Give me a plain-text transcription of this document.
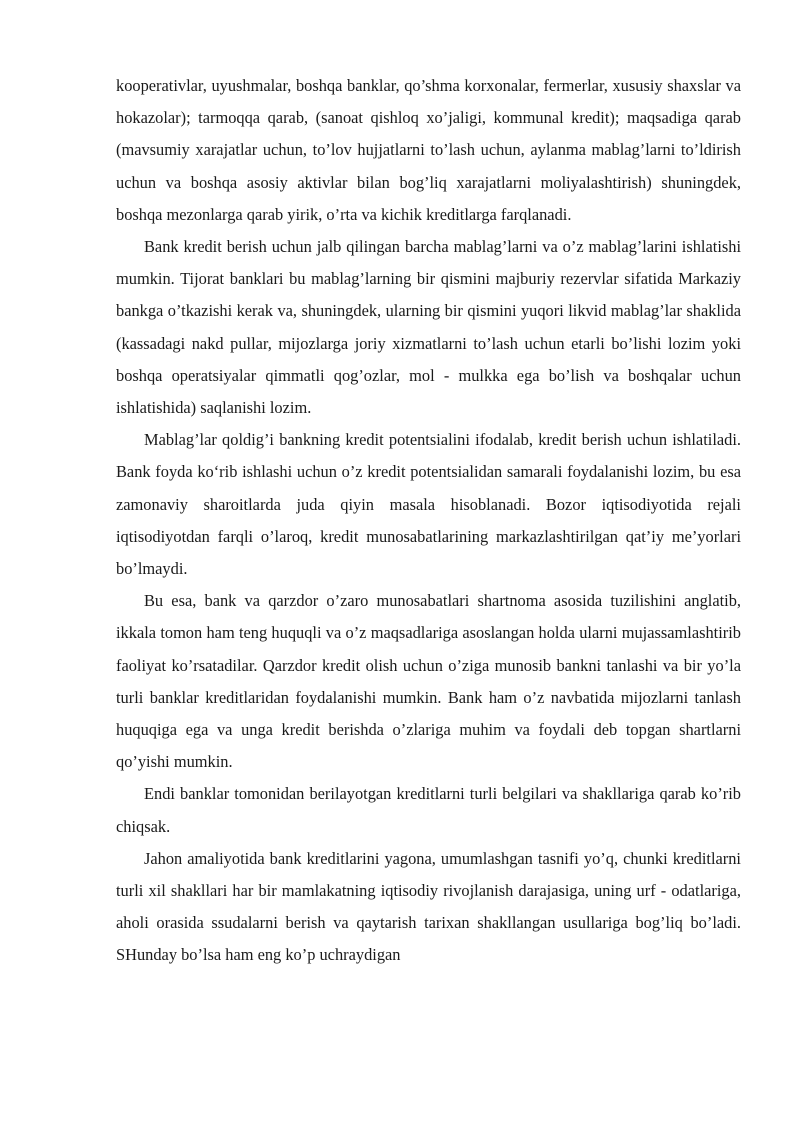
kooperativlar, uyushmalar, boshqa banklar, qo’shma korxonalar, fermerlar, xususiy shaxslar va hokazolar); tarmoqqa qarab, (sanoat qishloq xo’jaligi, kommunal kredit); maqsadiga qarab (mavsumiy xarajatlar uchun, to’lov hujjatlarni to’lash uchun, aylanma mablag’larni to’ldirish uchun va boshqa asosiy aktivlar bilan bog’liq xarajatlarni moliyalashtirish) shuningdek, boshqa mezonlarga qarab yirik, o’rta va kichik kreditlarga farqlanadi.

Bank kredit berish uchun jalb qilingan barcha mablag’larni va o’z mablag’larini ishlatishi mumkin. Tijorat banklari bu mablag’larning bir qismini majburiy rezervlar sifatida Markaziy bankga o’tkazishi kerak va, shuningdek, ularning bir qismini yuqori likvid mablag’lar shaklida (kassadagi nakd pullar, mijozlarga joriy xizmatlarni to’lash uchun etarli bo’lishi lozim yoki boshqa operatsiyalar qimmatli qog’ozlar, mol - mulkka ega bo’lish va boshqalar uchun ishlatishida) saqlanishi lozim.

Mablag’lar qoldig’i bankning kredit potentsialini ifodalab, kredit berish uchun ishlatiladi. Bank foyda ko‘rib ishlashi uchun o’z kredit potentsialidan samarali foydalanishi lozim, bu esa zamonaviy sharoitlarda juda qiyin masala hisoblanadi. Bozor iqtisodiyotida rejali iqtisodiyotdan farqli o’laroq, kredit munosabatlarining markazlashtirilgan qat’iy me’yorlari bo’lmaydi.

Bu esa, bank va qarzdor o’zaro munosabatlari shartnoma asosida tuzilishini anglatib, ikkala tomon ham teng huquqli va o’z maqsadlariga asoslangan holda ularni mujassamlashtirib faoliyat ko’rsatadilar. Qarzdor kredit olish uchun o’ziga munosib bankni tanlashi va bir yo’la turli banklar kreditlaridan foydalanishi mumkin. Bank ham o’z navbatida mijozlarni tanlash huquqiga ega va unga kredit berishda o’zlariga muhim va foydali deb topgan shartlarni qo’yishi mumkin.

Endi banklar tomonidan berilayotgan kreditlarni turli belgilari va shakllariga qarab ko’rib chiqsak.

Jahon amaliyotida bank kreditlarini yagona, umumlashgan tasnifi yo’q, chunki kreditlarni turli xil shakllari har bir mamlakatning iqtisodiy rivojlanish darajasiga, uning urf - odatlariga, aholi orasida ssudalarni berish va qaytarish tarixan shakllangan usullariga bog’liq bo’ladi. SHunday bo’lsa ham eng ko’p uchraydigan
